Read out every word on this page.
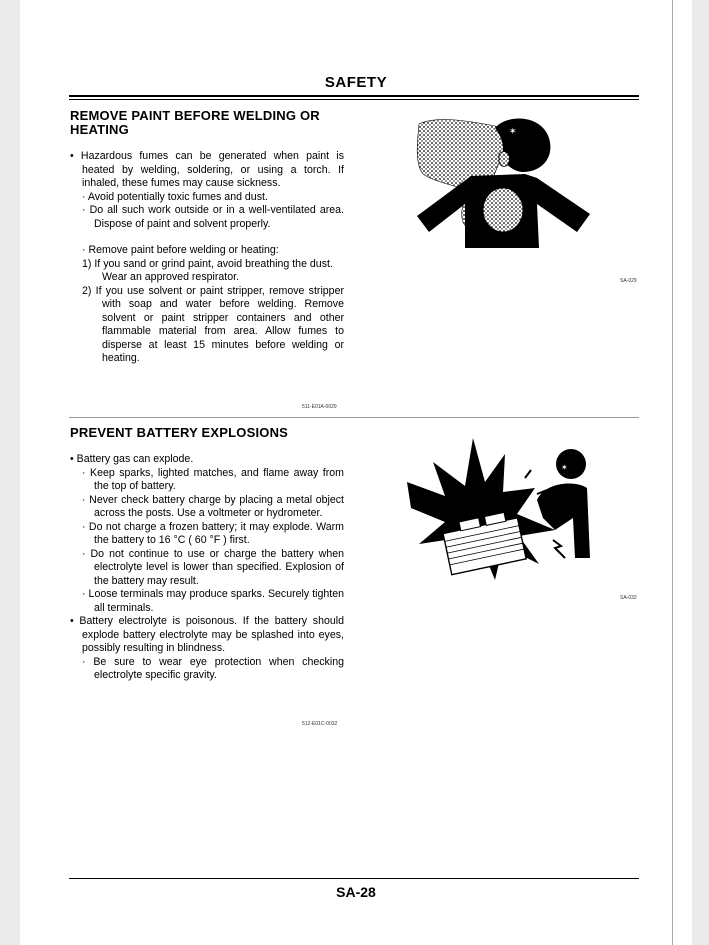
SAFETY
REMOVE PAINT BEFORE WELDING OR HEATING

• Hazardous fumes can be generated when paint is heated by welding, soldering, or using a torch. If inhaled, these fumes may cause sickness.

· Avoid potentially toxic fumes and dust.

· Do all such work outside or in a well-ventilated area. Dispose of paint and solvent properly.

· Remove paint before welding or heating:

1) If you sand or grind paint, avoid breathing the dust.

Wear an approved respirator.

2) If you use solvent or paint stripper, remove stripper with soap and water before welding. Remove solvent or paint stripper containers and other flammable material from area. Allow fumes to disperse at least 15 minutes before welding or heating.

511-E01A-0029
✶
SA-029
PREVENT BATTERY EXPLOSIONS

• Battery gas can explode.

· Keep sparks, lighted matches, and flame away from the top of battery.

· Never check battery charge by placing a metal object across the posts. Use a voltmeter or hydrometer.

· Do not charge a frozen battery; it may explode. Warm the battery to 16 °C ( 60 °F ) first.

· Do not continue to use or charge the battery when electrolyte level is lower than specified. Explosion of the battery may result.

· Loose terminals may produce sparks. Securely tighten all terminals.

• Battery electrolyte is poisonous. If the battery should explode battery electrolyte may be splashed into eyes, possibly resulting in blindness.

· Be sure to wear eye protection when checking electrolyte specific gravity.

512-E01C-0032
✶
SA-032
SA-28
